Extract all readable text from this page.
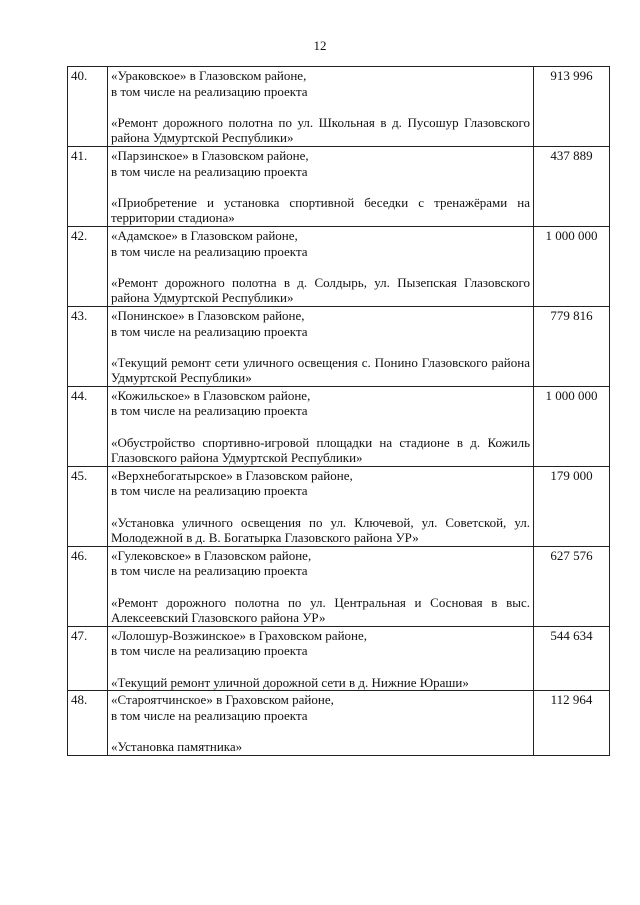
12
40.	«Ураковское» в Глазовском районе,
в том числе на реализацию проекта
«Ремонт дорожного полотна по ул. Школьная в д. Пусошур Глазовского района Удмуртской Республики»	913 996
41.	«Парзинское» в Глазовском районе,
в том числе на реализацию проекта
«Приобретение и установка спортивной беседки с тренажёрами на территории стадиона»	437 889
42.	«Адамское» в Глазовском районе,
в том числе на реализацию проекта
«Ремонт дорожного полотна в д. Солдырь, ул. Пызепская Глазовского района Удмуртской Республики»	1 000 000
43.	«Понинское» в Глазовском районе,
в том числе на реализацию проекта
«Текущий ремонт сети уличного освещения с. Понино Глазовского района Удмуртской Республики»	779 816
44.	«Кожильское» в Глазовском районе,
в том числе на реализацию проекта
«Обустройство спортивно-игровой площадки на стадионе в д. Кожиль Глазовского района Удмуртской Республики»	1 000 000
45.	«Верхнебогатырское» в Глазовском районе,
в том числе на реализацию проекта
«Установка уличного освещения по ул. Ключевой, ул. Советской, ул. Молодежной в д. В. Богатырка Глазовского района УР»	179 000
46.	«Гулековское» в Глазовском районе,
в том числе на реализацию проекта
«Ремонт дорожного полотна по ул. Центральная и Сосновая в выс. Алексеевский Глазовского района УР»	627 576
47.	«Лолошур-Возжинское» в Граховском районе,
в том числе на реализацию проекта
«Текущий ремонт уличной дорожной сети в д. Нижние Юраши»	544 634
48.	«Староятчинское» в Граховском районе,
в том числе на реализацию проекта
«Установка памятника»	112 964
